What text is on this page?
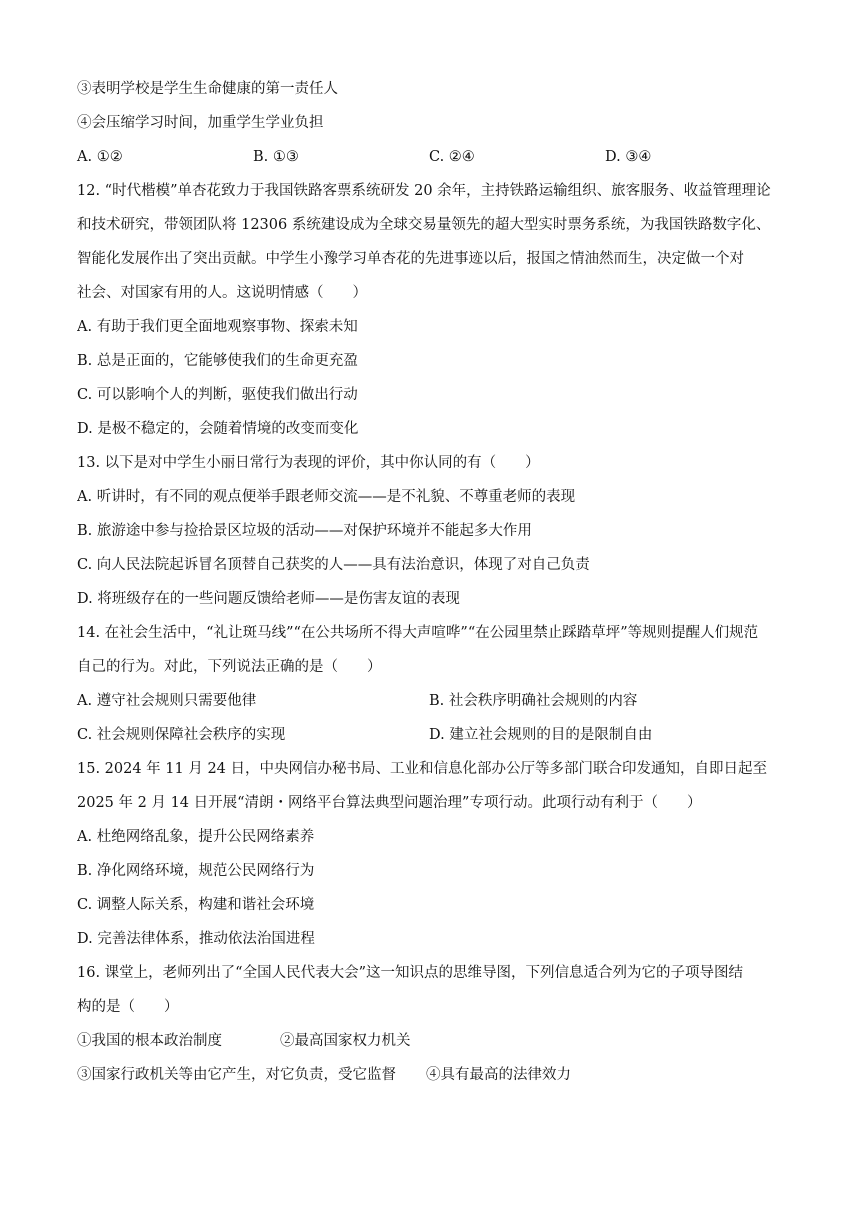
③表明学校是学生生命健康的第一责任人
④会压缩学习时间，加重学生学业负担
A. ①②	B. ①③	C. ②④	D. ③④
12. “时代楷模”单杏花致力于我国铁路客票系统研发 20 余年，主持铁路运输组织、旅客服务、收益管理理论
和技术研究，带领团队将 12306 系统建设成为全球交易量领先的超大型实时票务系统，为我国铁路数字化、
智能化发展作出了突出贡献。中学生小豫学习单杏花的先进事迹以后，报国之情油然而生，决定做一个对
社会、对国家有用的人。这说明情感（　　）
A. 有助于我们更全面地观察事物、探索未知
B. 总是正面的，它能够使我们的生命更充盈
C. 可以影响个人的判断，驱使我们做出行动
D. 是极不稳定的，会随着情境的改变而变化
13. 以下是对中学生小丽日常行为表现的评价，其中你认同的有（　　）
A. 听讲时，有不同的观点便举手跟老师交流——是不礼貌、不尊重老师的表现
B. 旅游途中参与捡拾景区垃圾的活动——对保护环境并不能起多大作用
C. 向人民法院起诉冒名顶替自己获奖的人——具有法治意识，体现了对自己负责
D. 将班级存在的一些问题反馈给老师——是伤害友谊的表现
14. 在社会生活中，“礼让斑马线”“在公共场所不得大声喧哗”“在公园里禁止踩踏草坪”等规则提醒人们规范
自己的行为。对此，下列说法正确的是（　　）
A. 遵守社会规则只需要他律	B. 社会秩序明确社会规则的内容
C. 社会规则保障社会秩序的实现	D. 建立社会规则的目的是限制自由
15. 2024 年 11 月 24 日，中央网信办秘书局、工业和信息化部办公厅等多部门联合印发通知，自即日起至
2025 年 2 月 14 日开展“清朗・网络平台算法典型问题治理”专项行动。此项行动有利于（　　）
A. 杜绝网络乱象，提升公民网络素养
B. 净化网络环境，规范公民网络行为
C. 调整人际关系，构建和谐社会环境
D. 完善法律体系，推动依法治国进程
16. 课堂上，老师列出了“全国人民代表大会”这一知识点的思维导图，下列信息适合列为它的子项导图结
构的是（　　）
①我国的根本政治制度	②最高国家权力机关
③国家行政机关等由它产生，对它负责，受它监督 ④具有最高的法律效力
